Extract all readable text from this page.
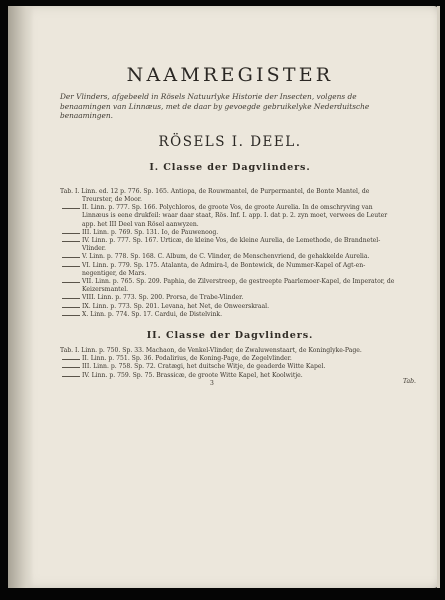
NAAMREGISTER

Der Vlinders, afgebeeld in Rösels Natuurlyke Historie der Insecten, volgens de benaamingen van Linnæus, met de daar by gevoegde gebruikelyke Nederduitsche benaamingen.

RÖSELS I. DEEL.
I. Classe der Dagvlinders.
Tab. I. Linn. ed. 12 p. 776. Sp. 165. Antiopa, de Rouwmantel, de Purpermantel, de Bonte Mantel, de Treurster, de Moor.
II. Linn. p. 777. Sp. 166. Polychloros, de groote Vos, de groote Aurelia. In de omschryving van Linnæus is eene drukfeil: waar daar staat, Rös. Inf. I. app. I. dat p. 2. zyn moet, verwees de Leuter app. het III Deel van Rösel aanwyzen.
III. Linn. p. 769. Sp. 131. Io, de Pauwenoog.
IV. Linn. p. 777. Sp. 167. Urticæ, de kleine Vos, de kleine Aurelia, de Lemethode, de Brandnetel-Vlinder.
V. Linn. p. 778. Sp. 168. C. Album, de C. Vlinder, de Menschenvriend, de gehakkelde Aurelia.
VI. Linn. p. 779. Sp. 175. Atalanta, de Admira-l, de Bontewick, de Nummer-Kapel of Agt-en-negentiger, de Mars.
VII. Linn. p. 765. Sp. 209. Paphia, de Zilverstreep, de gestreepte Paarlemoer-Kapel, de Imperator, de Keizersmantel.
VIII. Linn. p. 773. Sp. 200. Prorsa, de Trabe-Vlinder.
IX. Linn. p. 773. Sp. 201. Levana, het Net, de Onweerskraal.
X. Linn. p. 774. Sp. 17. Cardui, de Distelvink.
II. Classe der Dagvlinders.
Tab. I. Linn. p. 750. Sp. 33. Machaon, de Venkel-Vlinder, de Zwaluwenstaart, de Koninglyke-Page.
II. Linn. p. 751. Sp. 36. Podalirius, de Koning-Page, de Zegelvlinder.
III. Linn. p. 758. Sp. 72. Cratægi, het duitsche Witje, de geaderde Witte Kapel.
IV. Linn. p. 759. Sp. 75. Brassicæ, de groote Witte Kapel, het Koolwitje.
3	Tab.
